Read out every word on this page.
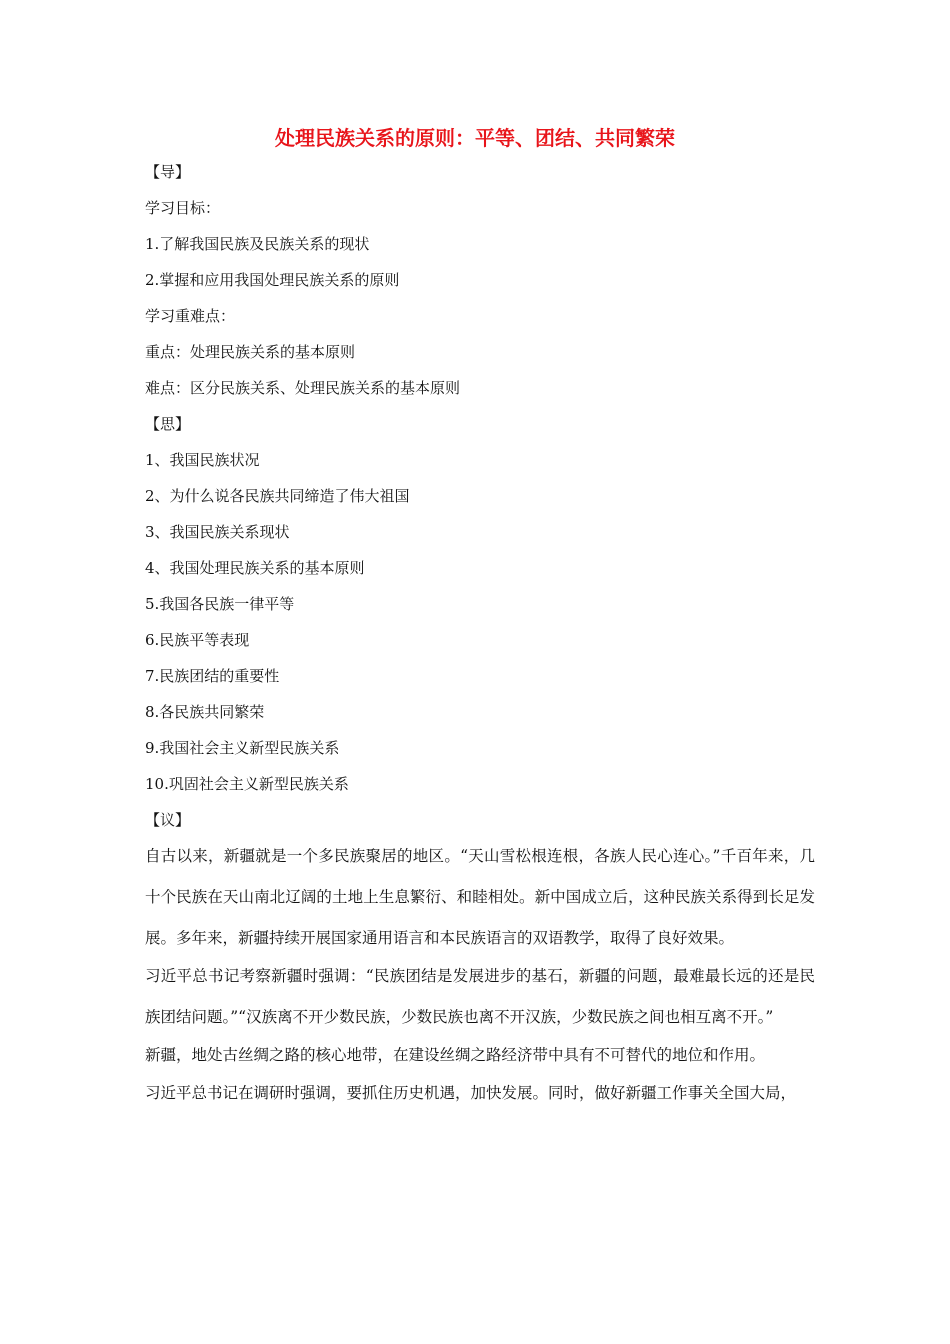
处理民族关系的原则：平等、团结、共同繁荣
【导】
学习目标：
1.了解我国民族及民族关系的现状
2.掌握和应用我国处理民族关系的原则
学习重难点：
重点：处理民族关系的基本原则
难点：区分民族关系、处理民族关系的基本原则
【思】
1、我国民族状况
2、为什么说各民族共同缔造了伟大祖国
3、我国民族关系现状
4、我国处理民族关系的基本原则
5.我国各民族一律平等
6.民族平等表现
7.民族团结的重要性
8.各民族共同繁荣
9.我国社会主义新型民族关系
10.巩固社会主义新型民族关系
【议】

自古以来，新疆就是一个多民族聚居的地区。“天山雪松根连根，各族人民心连心。”千百年来，几十个民族在天山南北辽阔的土地上生息繁衍、和睦相处。新中国成立后，这种民族关系得到长足发展。多年来，新疆持续开展国家通用语言和本民族语言的双语教学，取得了良好效果。

习近平总书记考察新疆时强调：“民族团结是发展进步的基石，新疆的问题，最难最长远的还是民族团结问题。”“汉族离不开少数民族，少数民族也离不开汉族，少数民族之间也相互离不开。”

新疆，地处古丝绸之路的核心地带，在建设丝绸之路经济带中具有不可替代的地位和作用。

习近平总书记在调研时强调，要抓住历史机遇，加快发展。同时，做好新疆工作事关全国大局，
